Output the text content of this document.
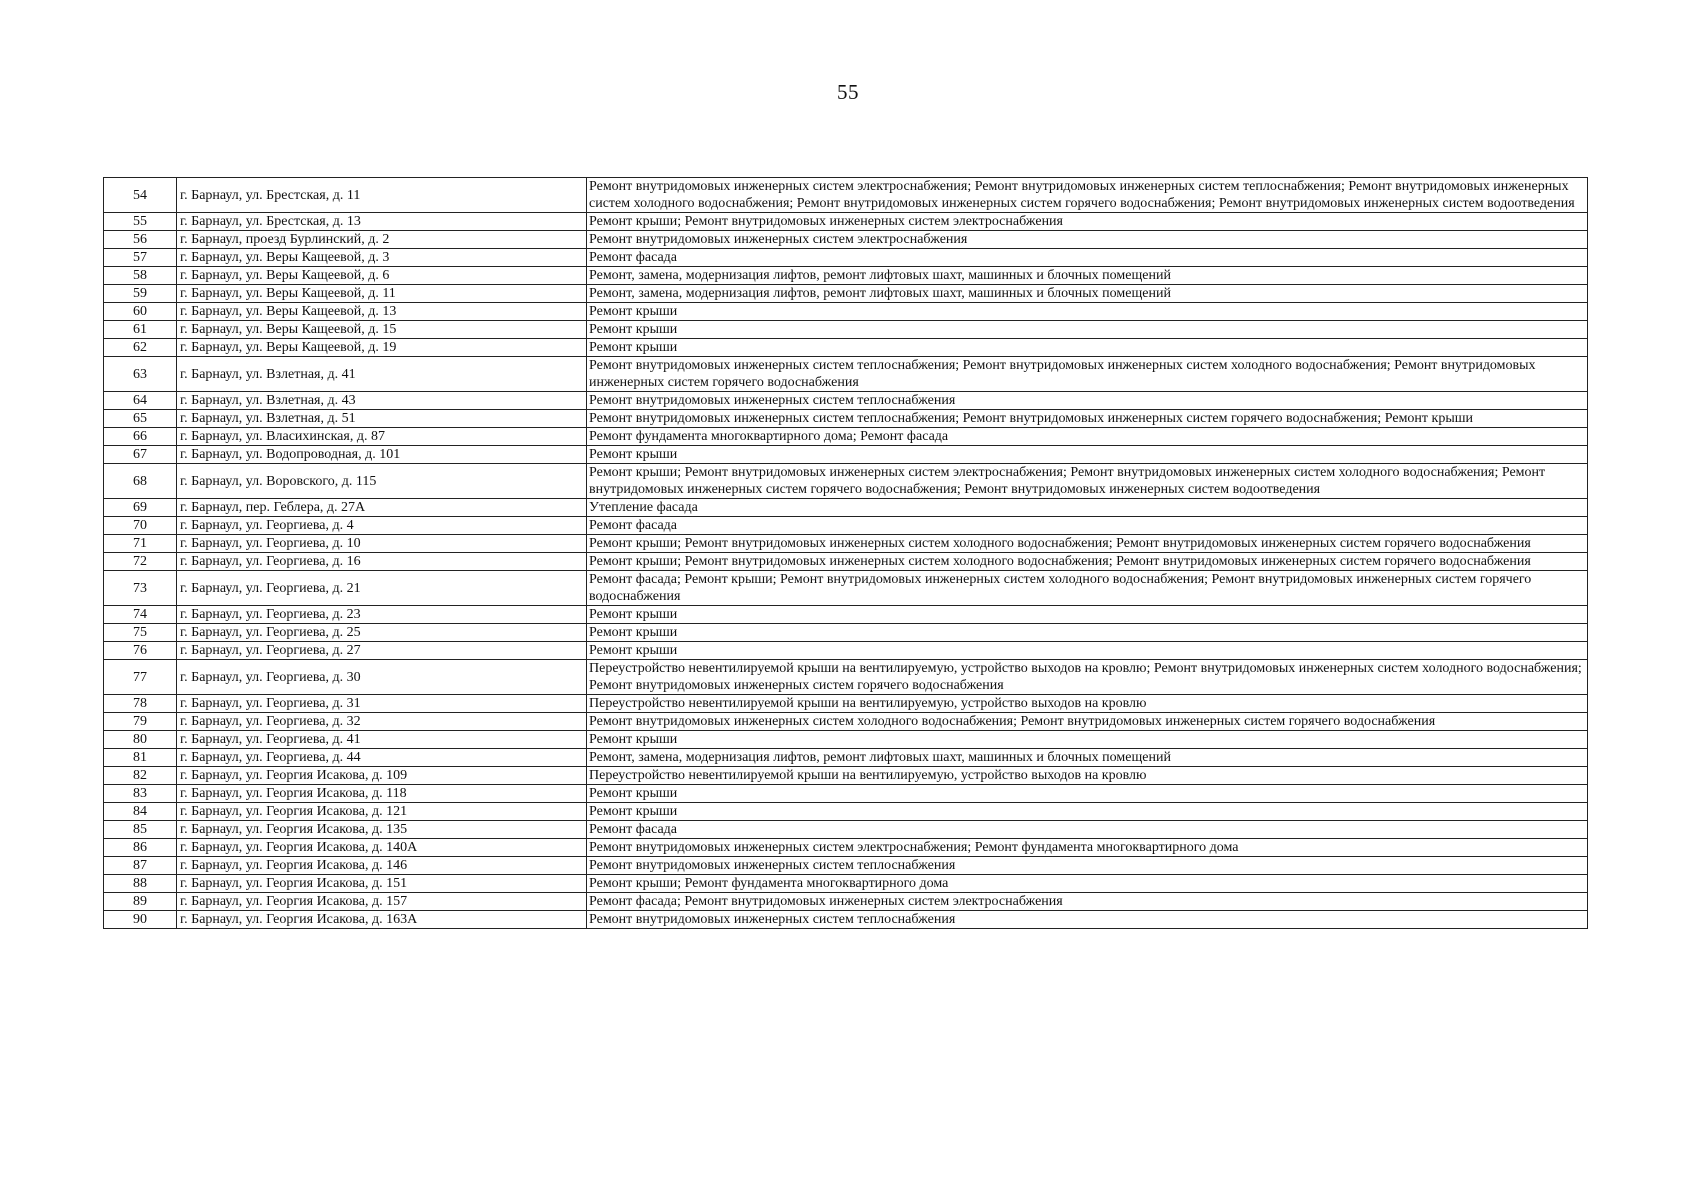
55
54	г. Барнаул, ул. Брестская, д. 11	Ремонт внутридомовых инженерных систем электроснабжения; Ремонт внутридомовых инженерных систем теплоснабжения; Ремонт внутридомовых инженерных систем холодного водоснабжения; Ремонт внутридомовых инженерных систем горячего водоснабжения; Ремонт внутридомовых инженерных систем водоотведения
55	г. Барнаул, ул. Брестская, д. 13	Ремонт крыши; Ремонт внутридомовых инженерных систем электроснабжения
56	г. Барнаул, проезд Бурлинский, д. 2	Ремонт внутридомовых инженерных систем электроснабжения
57	г. Барнаул, ул. Веры Кащеевой, д. 3	Ремонт фасада
58	г. Барнаул, ул. Веры Кащеевой, д. 6	Ремонт, замена, модернизация лифтов, ремонт лифтовых шахт, машинных и блочных помещений
59	г. Барнаул, ул. Веры Кащеевой, д. 11	Ремонт, замена, модернизация лифтов, ремонт лифтовых шахт, машинных и блочных помещений
60	г. Барнаул, ул. Веры Кащеевой, д. 13	Ремонт крыши
61	г. Барнаул, ул. Веры Кащеевой, д. 15	Ремонт крыши
62	г. Барнаул, ул. Веры Кащеевой, д. 19	Ремонт крыши
63	г. Барнаул, ул. Взлетная, д. 41	Ремонт внутридомовых инженерных систем теплоснабжения; Ремонт внутридомовых инженерных систем холодного водоснабжения; Ремонт внутридомовых инженерных систем горячего водоснабжения
64	г. Барнаул, ул. Взлетная, д. 43	Ремонт внутридомовых инженерных систем теплоснабжения
65	г. Барнаул, ул. Взлетная, д. 51	Ремонт внутридомовых инженерных систем теплоснабжения; Ремонт внутридомовых инженерных систем горячего водоснабжения; Ремонт крыши
66	г. Барнаул, ул. Власихинская, д. 87	Ремонт фундамента многоквартирного дома; Ремонт фасада
67	г. Барнаул, ул. Водопроводная, д. 101	Ремонт крыши
68	г. Барнаул, ул. Воровского, д. 115	Ремонт крыши; Ремонт внутридомовых инженерных систем электроснабжения; Ремонт внутридомовых инженерных систем холодного водоснабжения; Ремонт внутридомовых инженерных систем горячего водоснабжения; Ремонт внутридомовых инженерных систем водоотведения
69	г. Барнаул, пер. Геблера, д. 27А	Утепление фасада
70	г. Барнаул, ул. Георгиева, д. 4	Ремонт фасада
71	г. Барнаул, ул. Георгиева, д. 10	Ремонт крыши; Ремонт внутридомовых инженерных систем холодного водоснабжения; Ремонт внутридомовых инженерных систем горячего водоснабжения
72	г. Барнаул, ул. Георгиева, д. 16	Ремонт крыши; Ремонт внутридомовых инженерных систем холодного водоснабжения; Ремонт внутридомовых инженерных систем горячего водоснабжения
73	г. Барнаул, ул. Георгиева, д. 21	Ремонт фасада; Ремонт крыши; Ремонт внутридомовых инженерных систем холодного водоснабжения; Ремонт внутридомовых инженерных систем горячего водоснабжения
74	г. Барнаул, ул. Георгиева, д. 23	Ремонт крыши
75	г. Барнаул, ул. Георгиева, д. 25	Ремонт крыши
76	г. Барнаул, ул. Георгиева, д. 27	Ремонт крыши
77	г. Барнаул, ул. Георгиева, д. 30	Переустройство невентилируемой крыши на вентилируемую, устройство выходов на кровлю; Ремонт внутридомовых инженерных систем холодного водоснабжения; Ремонт внутридомовых инженерных систем горячего водоснабжения
78	г. Барнаул, ул. Георгиева, д. 31	Переустройство невентилируемой крыши на вентилируемую, устройство выходов на кровлю
79	г. Барнаул, ул. Георгиева, д. 32	Ремонт внутридомовых инженерных систем холодного водоснабжения; Ремонт внутридомовых инженерных систем горячего водоснабжения
80	г. Барнаул, ул. Георгиева, д. 41	Ремонт крыши
81	г. Барнаул, ул. Георгиева, д. 44	Ремонт, замена, модернизация лифтов, ремонт лифтовых шахт, машинных и блочных помещений
82	г. Барнаул, ул. Георгия Исакова, д. 109	Переустройство невентилируемой крыши на вентилируемую, устройство выходов на кровлю
83	г. Барнаул, ул. Георгия Исакова, д. 118	Ремонт крыши
84	г. Барнаул, ул. Георгия Исакова, д. 121	Ремонт крыши
85	г. Барнаул, ул. Георгия Исакова, д. 135	Ремонт фасада
86	г. Барнаул, ул. Георгия Исакова, д. 140А	Ремонт внутридомовых инженерных систем электроснабжения; Ремонт фундамента многоквартирного дома
87	г. Барнаул, ул. Георгия Исакова, д. 146	Ремонт внутридомовых инженерных систем теплоснабжения
88	г. Барнаул, ул. Георгия Исакова, д. 151	Ремонт крыши; Ремонт фундамента многоквартирного дома
89	г. Барнаул, ул. Георгия Исакова, д. 157	Ремонт фасада; Ремонт внутридомовых инженерных систем электроснабжения
90	г. Барнаул, ул. Георгия Исакова, д. 163А	Ремонт внутридомовых инженерных систем теплоснабжения
